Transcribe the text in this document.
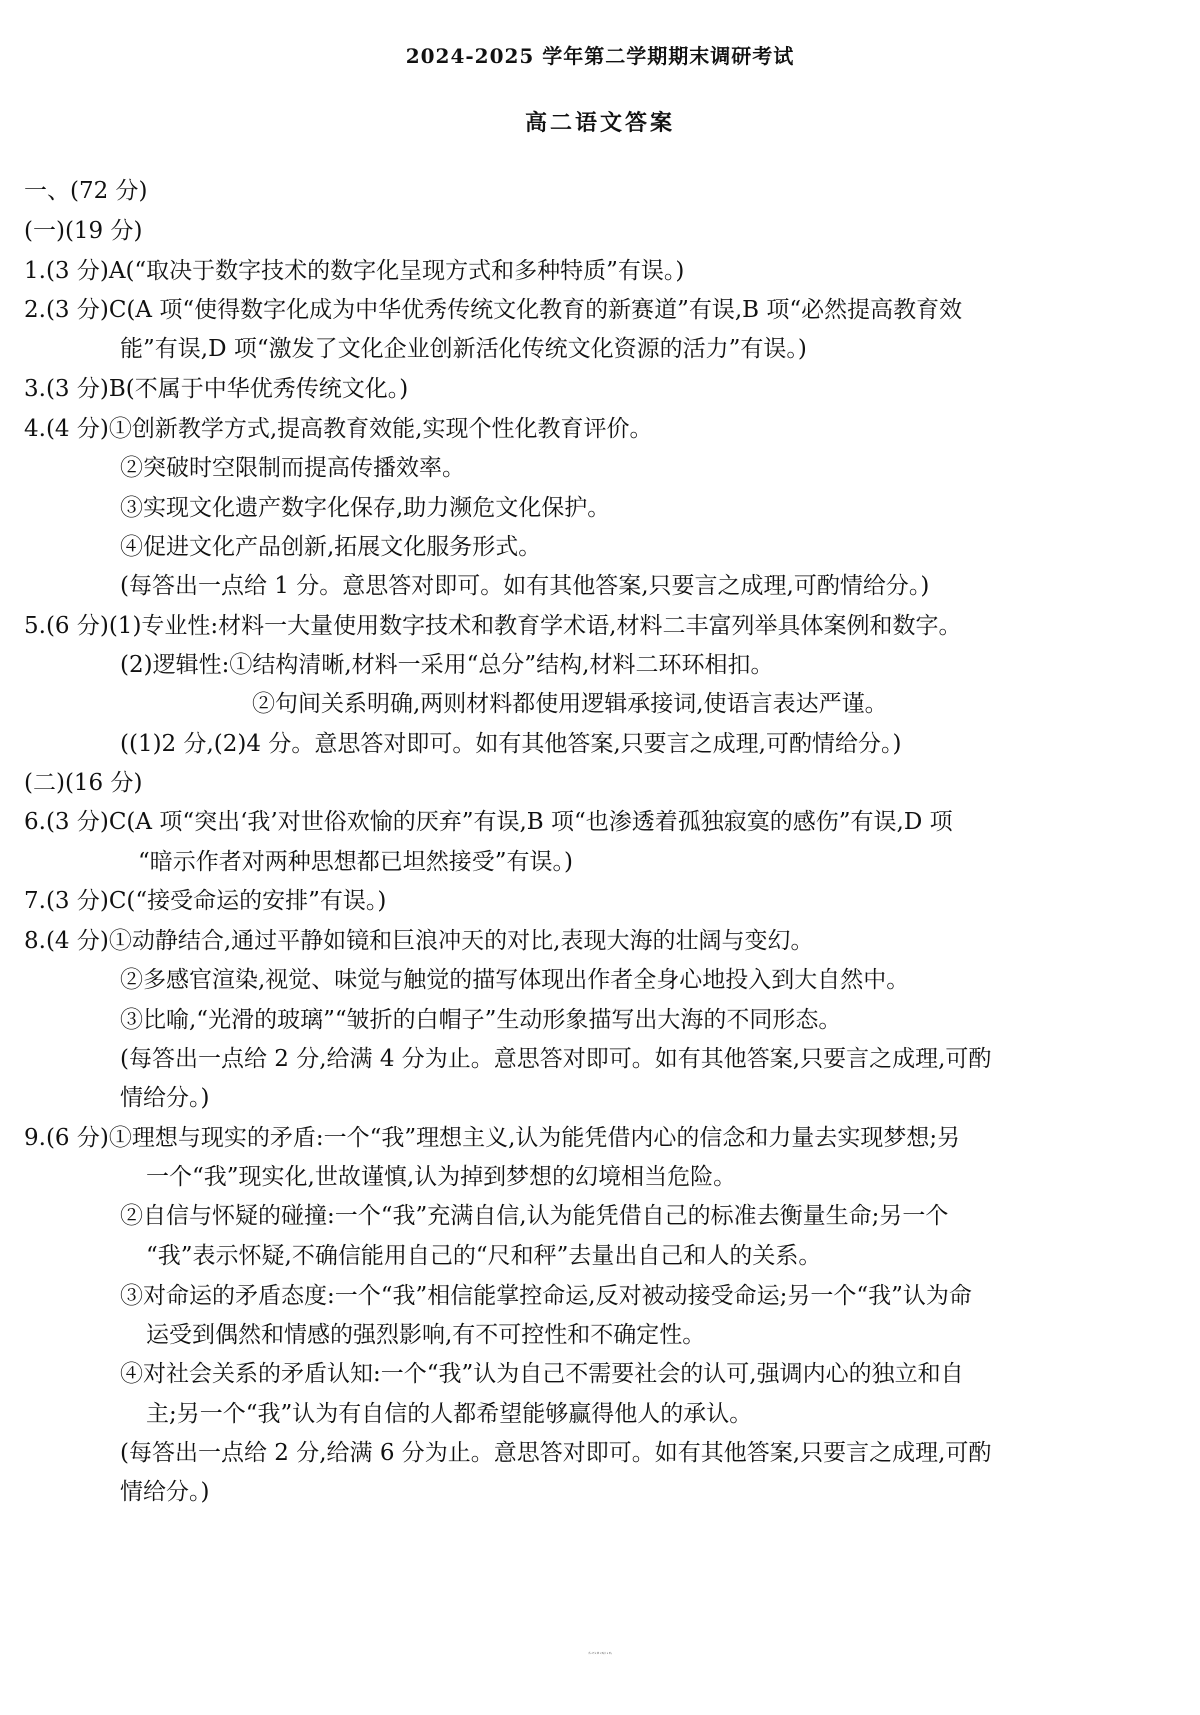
2024-2025 学年第二学期期末调研考试
高二语文答案
一、(72 分)
(一)(19 分)
1.(3 分)A(“取决于数字技术的数字化呈现方式和多种特质”有误。)
2.(3 分)C(A 项“使得数字化成为中华优秀传统文化教育的新赛道”有误,B 项“必然提高教育效
能”有误,D 项“激发了文化企业创新活化传统文化资源的活力”有误。)
3.(3 分)B(不属于中华优秀传统文化。)
4.(4 分)①创新教学方式,提高教育效能,实现个性化教育评价。
②突破时空限制而提高传播效率。
③实现文化遗产数字化保存,助力濒危文化保护。
④促进文化产品创新,拓展文化服务形式。
(每答出一点给 1 分。意思答对即可。如有其他答案,只要言之成理,可酌情给分。)
5.(6 分)(1)专业性:材料一大量使用数字技术和教育学术语,材料二丰富列举具体案例和数字。
(2)逻辑性:①结构清晰,材料一采用“总分”结构,材料二环环相扣。
②句间关系明确,两则材料都使用逻辑承接词,使语言表达严谨。
((1)2 分,(2)4 分。意思答对即可。如有其他答案,只要言之成理,可酌情给分。)
(二)(16 分)
6.(3 分)C(A 项“突出‘我’对世俗欢愉的厌弃”有误,B 项“也渗透着孤独寂寞的感伤”有误,D 项
“暗示作者对两种思想都已坦然接受”有误。)
7.(3 分)C(“接受命运的安排”有误。)
8.(4 分)①动静结合,通过平静如镜和巨浪冲天的对比,表现大海的壮阔与变幻。
②多感官渲染,视觉、味觉与触觉的描写体现出作者全身心地投入到大自然中。
③比喻,“光滑的玻璃”“皱折的白帽子”生动形象描写出大海的不同形态。
(每答出一点给 2 分,给满 4 分为止。意思答对即可。如有其他答案,只要言之成理,可酌
情给分。)
9.(6 分)①理想与现实的矛盾:一个“我”理想主义,认为能凭借内心的信念和力量去实现梦想;另
一个“我”现实化,世故谨慎,认为掉到梦想的幻境相当危险。
②自信与怀疑的碰撞:一个“我”充满自信,认为能凭借自己的标准去衡量生命;另一个
“我”表示怀疑,不确信能用自己的“尺和秤”去量出自己和人的关系。
③对命运的矛盾态度:一个“我”相信能掌控命运,反对被动接受命运;另一个“我”认为命
运受到偶然和情感的强烈影响,有不可控性和不确定性。
④对社会关系的矛盾认知:一个“我”认为自己不需要社会的认可,强调内心的独立和自
主;另一个“我”认为有自信的人都希望能够赢得他人的承认。
(每答出一点给 2 分,给满 6 分为止。意思答对即可。如有其他答案,只要言之成理,可酌
情给分。)
高二语文 第 1 页(共 4 页)
